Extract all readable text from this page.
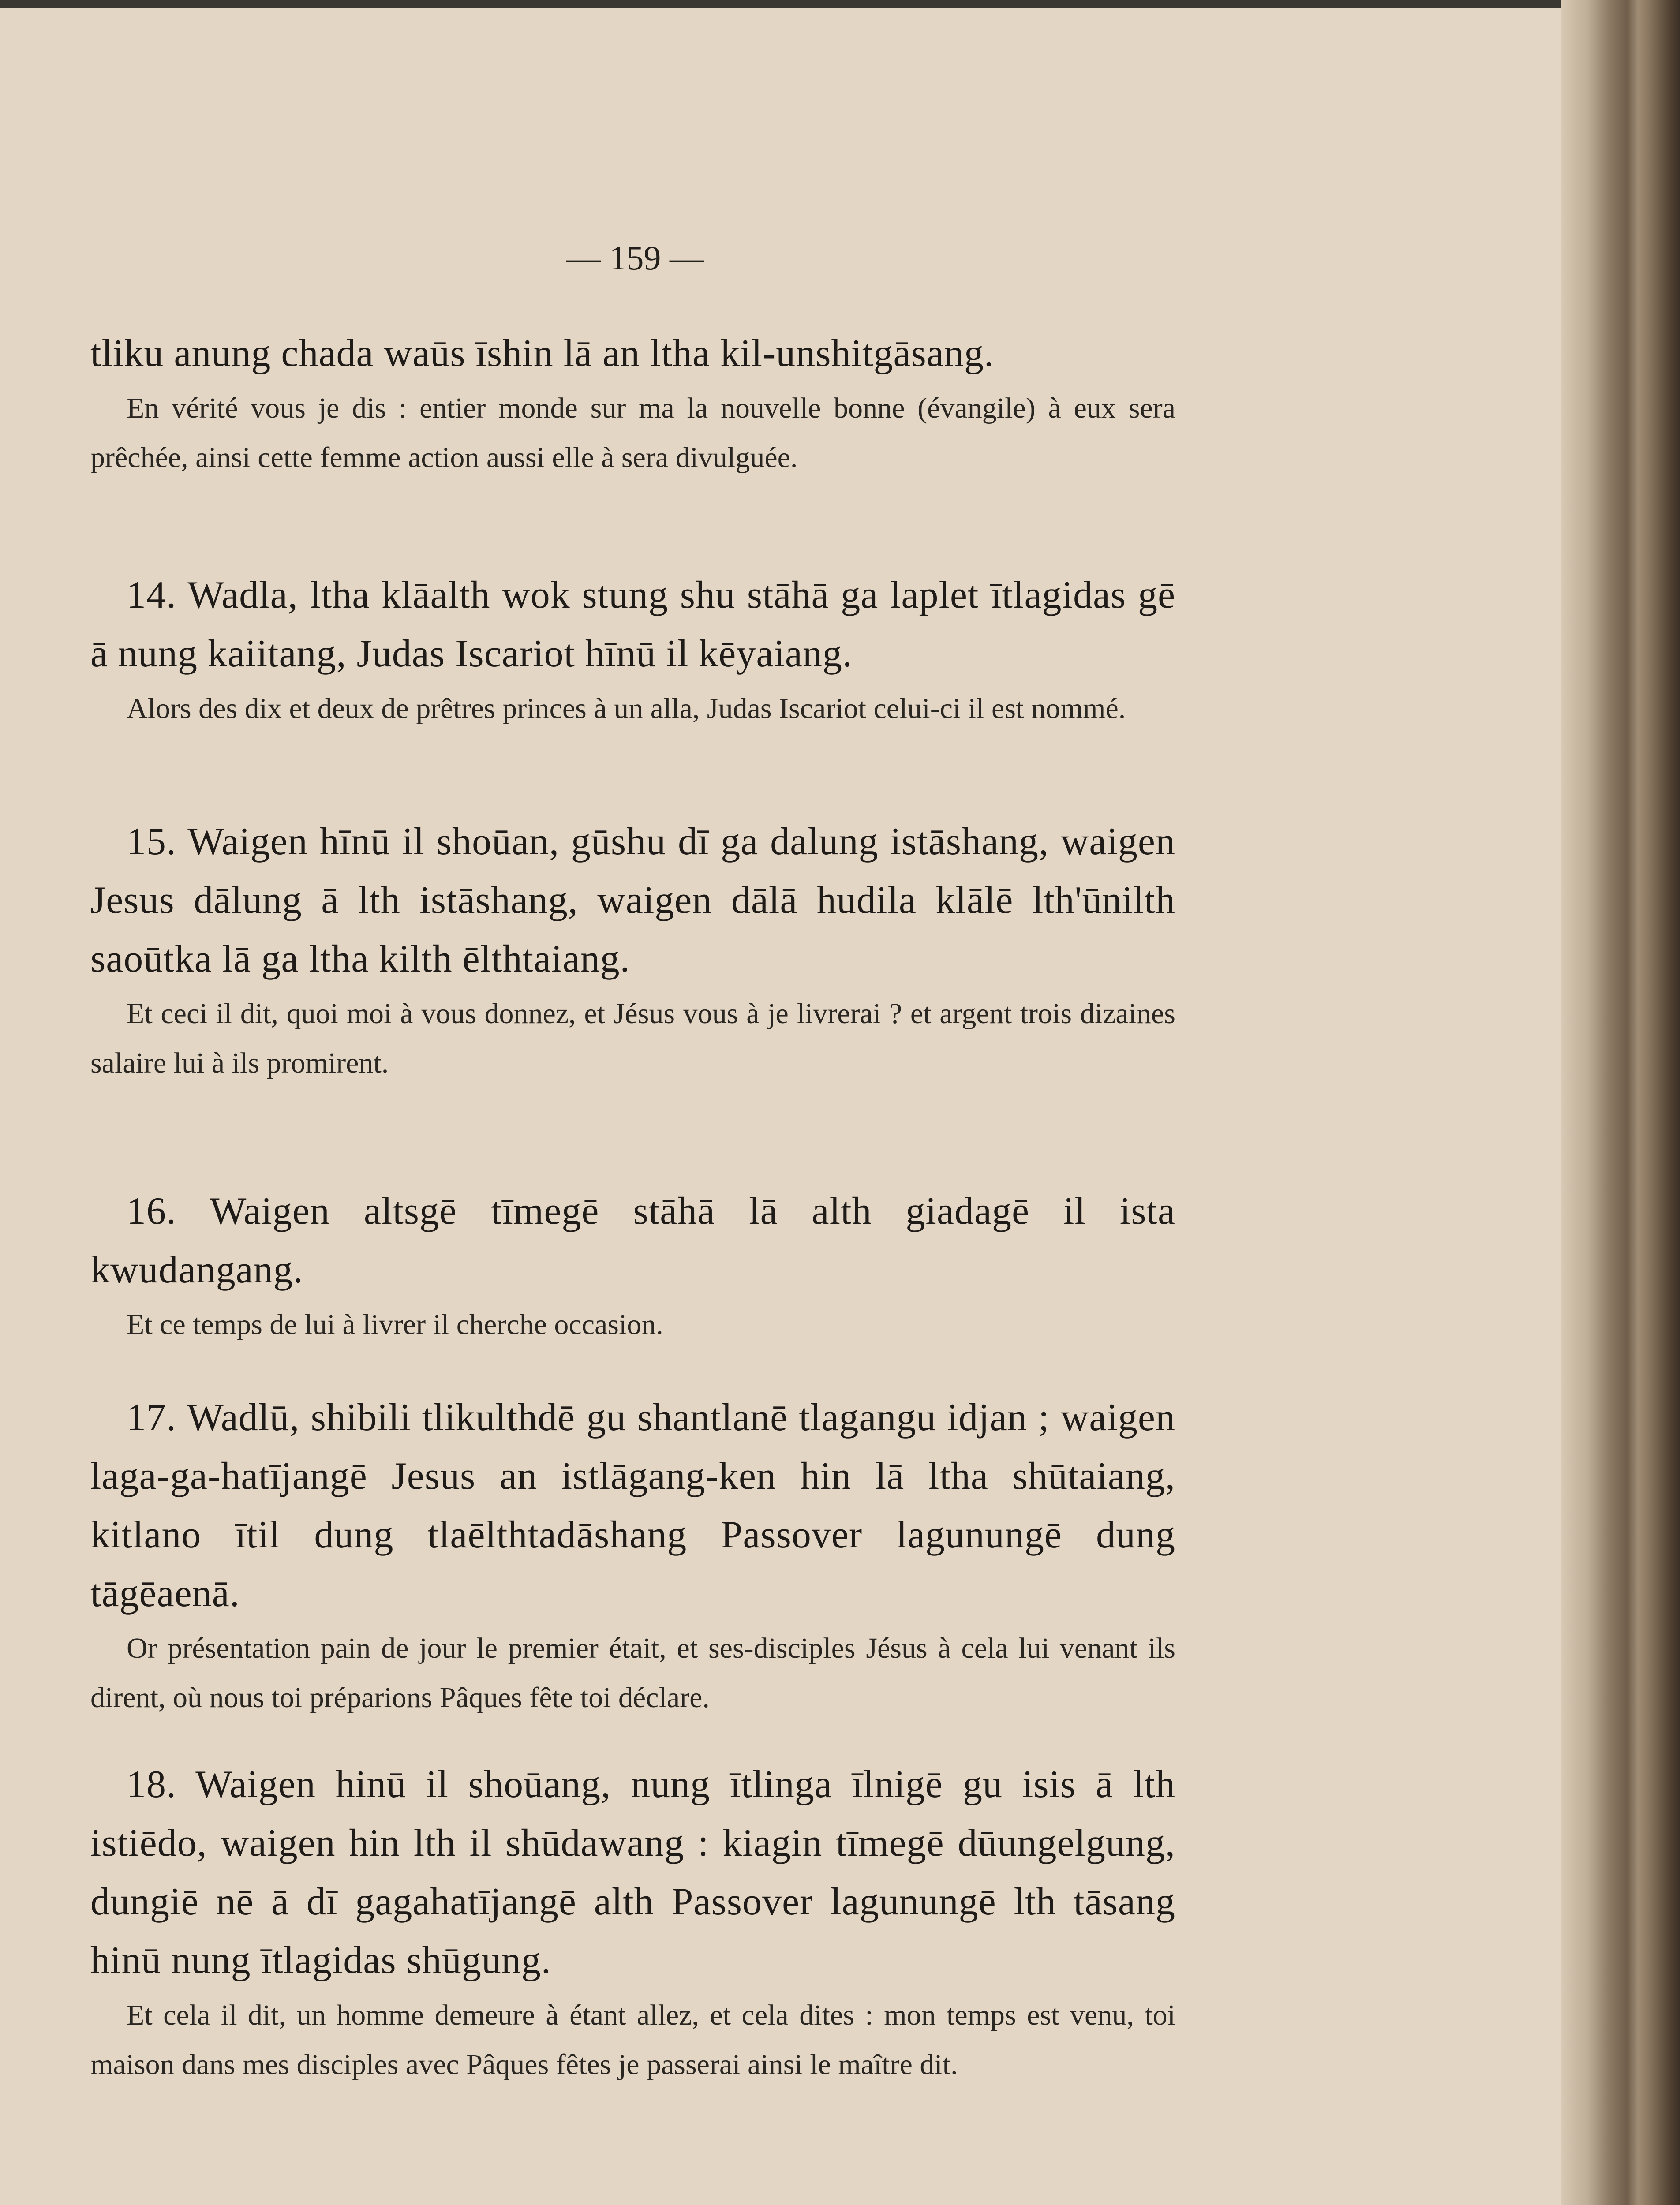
— 159 —

tliku anung chada waūs īshin lā an ltha kil-unshitgāsang.

En vérité vous je dis : entier monde sur ma la nouvelle bonne (évangile) à eux sera prêchée, ainsi cette femme action aussi elle à sera divulguée.

14. Wadla, ltha klāalth wok stung shu stāhā ga laplet ītlagidas gē ā nung kaiitang, Judas Iscariot hīnū il kēyaiang.

Alors des dix et deux de prêtres princes à un alla, Judas Iscariot celui-ci il est nommé.

15. Waigen hīnū il shoūan, gūshu dī ga dalung istāshang, waigen Jesus dālung ā lth istāshang, waigen dālā hudila klālē lth'ūnilth saoūtka lā ga ltha kilth ēlthtaiang.

Et ceci il dit, quoi moi à vous donnez, et Jésus vous à je livrerai ? et argent trois dizaines salaire lui à ils promirent.

16. Waigen altsgē tīmegē stāhā lā alth giadagē il ista kwudangang.

Et ce temps de lui à livrer il cherche occasion.

17. Wadlū, shibili tlikulthdē gu shantlanē tlagangu idjan ; waigen laga-ga-hatījangē Jesus an istlāgang-ken hin lā ltha shūtaiang, kitlano ītil dung tlaēlthtadāshang Passover lagunungē dung tāgēaenā.

Or présentation pain de jour le premier était, et ses-disciples Jésus à cela lui venant ils dirent, où nous toi préparions Pâques fête toi déclare.

18. Waigen hinū il shoūang, nung ītlinga īlnigē gu isis ā lth istiēdo, waigen hin lth il shūdawang : kiagin tīmegē dūungelgung, dungiē nē ā dī gagahatījangē alth Passover lagunungē lth tāsang hinū nung ītlagidas shūgung.

Et cela il dit, un homme demeure à étant allez, et cela dites : mon temps est venu, toi maison dans mes disciples avec Pâques fêtes je passerai ainsi le maître dit.
